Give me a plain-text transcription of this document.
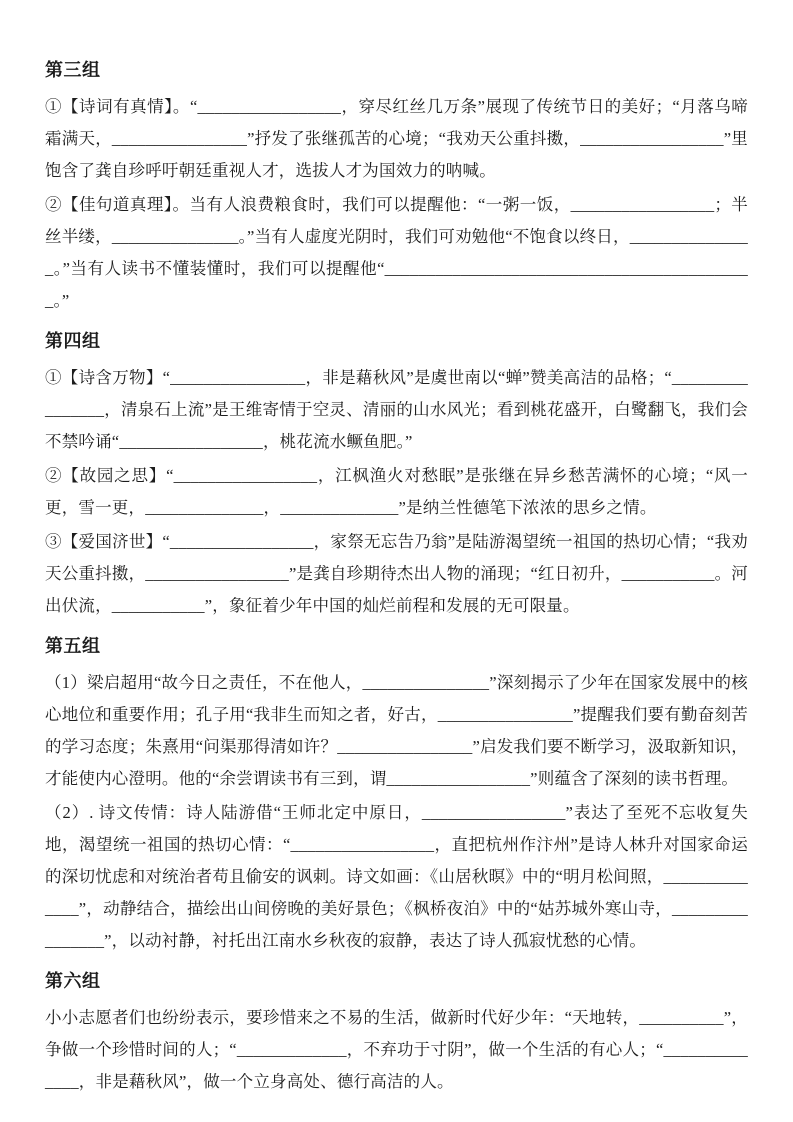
第三组

①【诗词有真情】。“_________________，穿尽红丝几万条”展现了传统节日的美好；“月落乌啼霜满天，________________”抒发了张继孤苦的心境；“我劝天公重抖擞，_________________”里饱含了龚自珍呼吁朝廷重视人才，选拔人才为国效力的呐喊。

②【佳句道真理】。当有人浪费粮食时，我们可以提醒他：“一粥一饭，_________________；半丝半缕，_______________。”当有人虚度光阴时，我们可劝勉他“不饱食以终日，_______________。”当有人读书不懂装懂时，我们可以提醒他“____________________________________________。”

第四组

①【诗含万物】“________________，非是藉秋风”是虞世南以“蝉”赞美高洁的品格；“________________，清泉石上流”是王维寄情于空灵、清丽的山水风光；看到桃花盛开，白鹭翻飞，我们会不禁吟诵“_________________，桃花流水鳜鱼肥。”

②【故园之思】“_________________，江枫渔火对愁眠”是张继在异乡愁苦满怀的心境；“风一更，雪一更，______________，______________”是纳兰性德笔下浓浓的思乡之情。

③【爱国济世】“_________________，家祭无忘告乃翁”是陆游渴望统一祖国的热切心情；“我劝天公重抖擞，_________________”是龚自珍期待杰出人物的涌现；“红日初升，___________。河出伏流，___________”，象征着少年中国的灿烂前程和发展的无可限量。

第五组

（1）梁启超用“故今日之责任，不在他人，_______________”深刻揭示了少年在国家发展中的核心地位和重要作用；孔子用“我非生而知之者，好古，________________”提醒我们要有勤奋刻苦的学习态度；朱熹用“问渠那得清如许？________________”启发我们要不断学习，汲取新知识，才能使内心澄明。他的“余尝谓读书有三到，谓_________________”则蕴含了深刻的读书哲理。

（2）. 诗文传情：诗人陆游借“王师北定中原日，_________________”表达了至死不忘收复失地，渴望统一祖国的热切心情：“_________________，直把杭州作汴州”是诗人林升对国家命运的深切忧虑和对统治者苟且偷安的讽刺。诗文如画：《山居秋暝》中的“明月松间照，______________”，动静结合，描绘出山间傍晚的美好景色；《枫桥夜泊》中的“姑苏城外寒山寺，________________”，以动衬静，衬托出江南水乡秋夜的寂静，表达了诗人孤寂忧愁的心情。

第六组

小小志愿者们也纷纷表示，要珍惜来之不易的生活，做新时代好少年：“天地转，__________”，争做一个珍惜时间的人；“_____________，不弃功于寸阴”，做一个生活的有心人；“______________，非是藉秋风”，做一个立身高处、德行高洁的人。
